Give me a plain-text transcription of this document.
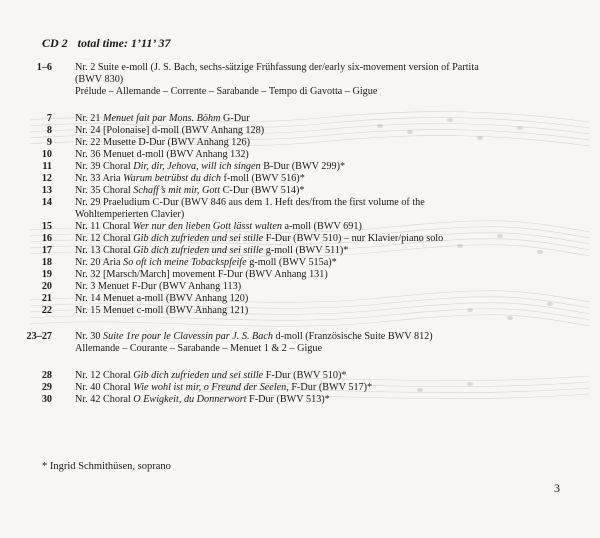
CD 2 total time: 1’11’ 37
1–6 Nr. 2 Suite e-moll (J. S. Bach, sechs-sätzige Frühfassung der/early six-movement version of Partita (BWV 830)
Prélude – Allemande – Corrente – Sarabande – Tempo di Gavotta – Gigue
7 Nr. 21 Menuet fait par Mons. Böhm G-Dur
8 Nr. 24 [Polonaise] d-moll (BWV Anhang 128)
9 Nr. 22 Musette D-Dur (BWV Anhang 126)
10 Nr. 36 Menuet d-moll (BWV Anhang 132)
11 Nr. 39 Choral Dir, dir, Jehova, will ich singen B-Dur (BWV 299)*
12 Nr. 33 Aria Warum betrübst du dich f-moll (BWV 516)*
13 Nr. 35 Choral Schaff’s mit mir, Gott C-Dur (BWV 514)*
14 Nr. 29 Praeludium C-Dur (BWV 846 aus dem 1. Heft des/from the first volume of the Wohltemperierten Clavier)
15 Nr. 11 Choral Wer nur den lieben Gott lässt walten a-moll (BWV 691)
16 Nr. 12 Choral Gib dich zufrieden und sei stille F-Dur (BWV 510) – nur Klavier/piano solo
17 Nr. 13 Choral Gib dich zufrieden und sei stille g-moll (BWV 511)*
18 Nr. 20 Aria So oft ich meine Tobackspfeife g-moll (BWV 515a)*
19 Nr. 32 [Marsch/March] movement F-Dur (BWV Anhang 131)
20 Nr. 3 Menuet F-Dur (BWV Anhang 113)
21 Nr. 14 Menuet a-moll (BWV Anhang 120)
22 Nr. 15 Menuet c-moll (BWV Anhang 121)
23–27 Nr. 30 Suite 1re pour le Clavessin par J. S. Bach d-moll (Französische Suite BWV 812)
Allemande – Courante – Sarabande – Menuet 1 & 2 – Gigue
28 Nr. 12 Choral Gib dich zufrieden und sei stille F-Dur (BWV 510)*
29 Nr. 40 Choral Wie wohl ist mir, o Freund der Seelen, F-Dur (BWV 517)*
30 Nr. 42 Choral O Ewigkeit, du Donnerwort F-Dur (BWV 513)*
* Ingrid Schmithüsen, soprano
3
